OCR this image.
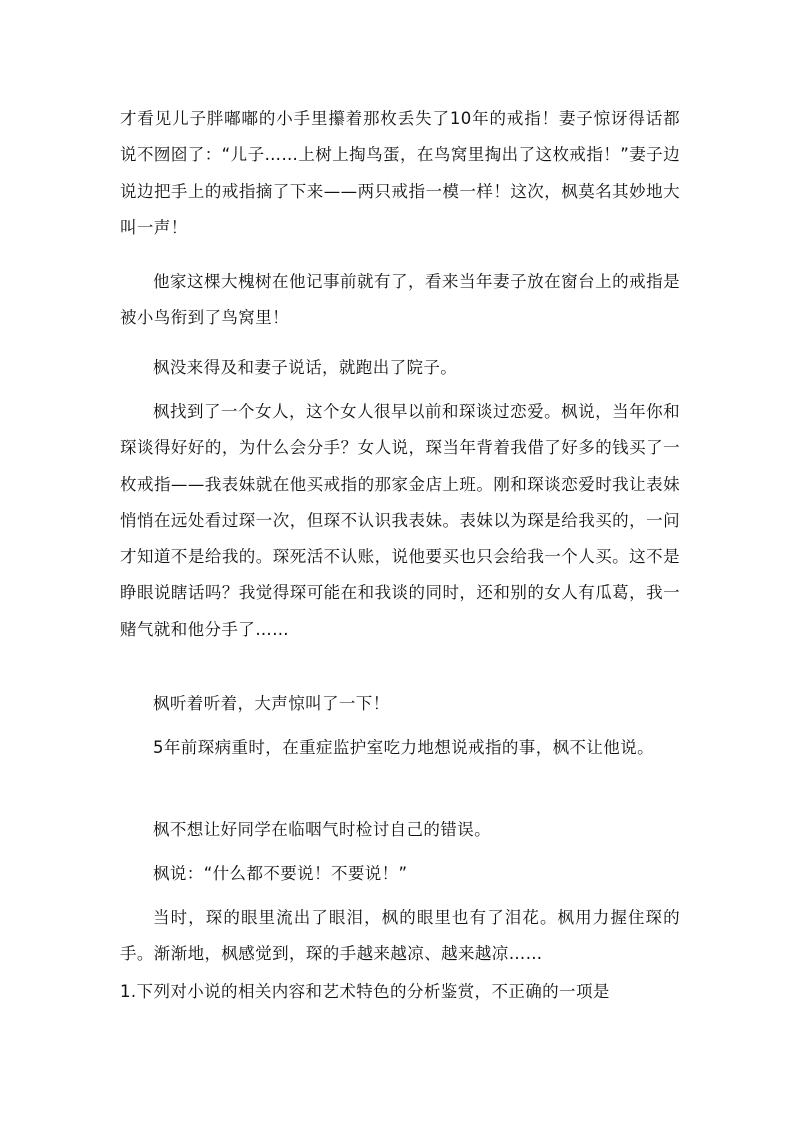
才看见儿子胖嘟嘟的小手里攥着那枚丢失了10年的戒指！妻子惊讶得话都说不囫囵了：“儿子……上树上掏鸟蛋，在鸟窝里掏出了这枚戒指！”妻子边说边把手上的戒指摘了下来——两只戒指一模一样！这次，枫莫名其妙地大叫一声！

他家这棵大槐树在他记事前就有了，看来当年妻子放在窗台上的戒指是被小鸟衔到了鸟窝里！

枫没来得及和妻子说话，就跑出了院子。

枫找到了一个女人，这个女人很早以前和琛谈过恋爱。枫说，当年你和琛谈得好好的，为什么会分手？女人说，琛当年背着我借了好多的钱买了一枚戒指——我表妹就在他买戒指的那家金店上班。刚和琛谈恋爱时我让表妹悄悄在远处看过琛一次，但琛不认识我表妹。表妹以为琛是给我买的，一问才知道不是给我的。琛死活不认账，说他要买也只会给我一个人买。这不是睁眼说瞎话吗？我觉得琛可能在和我谈的同时，还和别的女人有瓜葛，我一赌气就和他分手了……

枫听着听着，大声惊叫了一下！

5年前琛病重时，在重症监护室吃力地想说戒指的事，枫不让他说。

枫不想让好同学在临咽气时检讨自己的错误。

枫说：“什么都不要说！不要说！”

当时，琛的眼里流出了眼泪，枫的眼里也有了泪花。枫用力握住琛的手。渐渐地，枫感觉到，琛的手越来越凉、越来越凉……

1.下列对小说的相关内容和艺术特色的分析鉴赏，不正确的一项是
